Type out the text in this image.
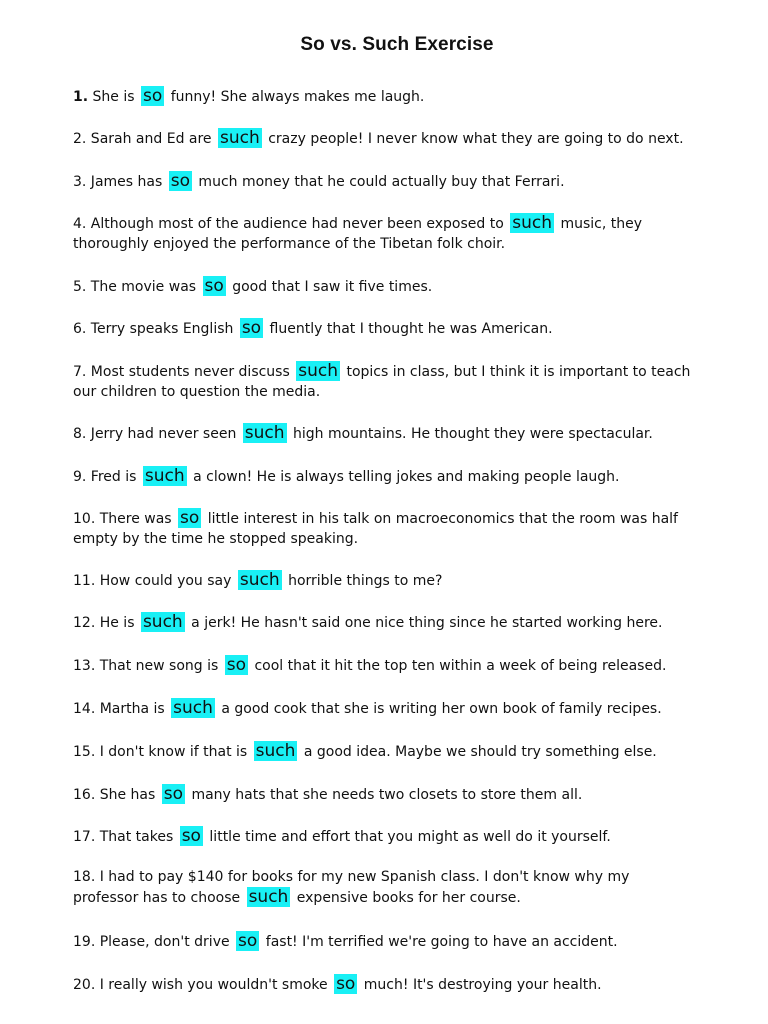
So vs. Such Exercise
1. She is so funny! She always makes me laugh.
2. Sarah and Ed are such crazy people! I never know what they are going to do next.
3. James has so much money that he could actually buy that Ferrari.
4. Although most of the audience had never been exposed to such music, they
thoroughly enjoyed the performance of the Tibetan folk choir.
5. The movie was so good that I saw it five times.
6. Terry speaks English so fluently that I thought he was American.
7. Most students never discuss such topics in class, but I think it is important to teach
our children to question the media.
8. Jerry had never seen such high mountains. He thought they were spectacular.
9. Fred is such a clown! He is always telling jokes and making people laugh.
10. There was so little interest in his talk on macroeconomics that the room was half
empty by the time he stopped speaking.
11. How could you say such horrible things to me?
12. He is such a jerk! He hasn't said one nice thing since he started working here.
13. That new song is so cool that it hit the top ten within a week of being released.
14. Martha is such a good cook that she is writing her own book of family recipes.
15. I don't know if that is such a good idea. Maybe we should try something else.
16. She has so many hats that she needs two closets to store them all.
17. That takes so little time and effort that you might as well do it yourself.
18. I had to pay $140 for books for my new Spanish class. I don't know why my
professor has to choose such expensive books for her course.
19. Please, don't drive so fast! I'm terrified we're going to have an accident.
20. I really wish you wouldn't smoke so much! It's destroying your health.
